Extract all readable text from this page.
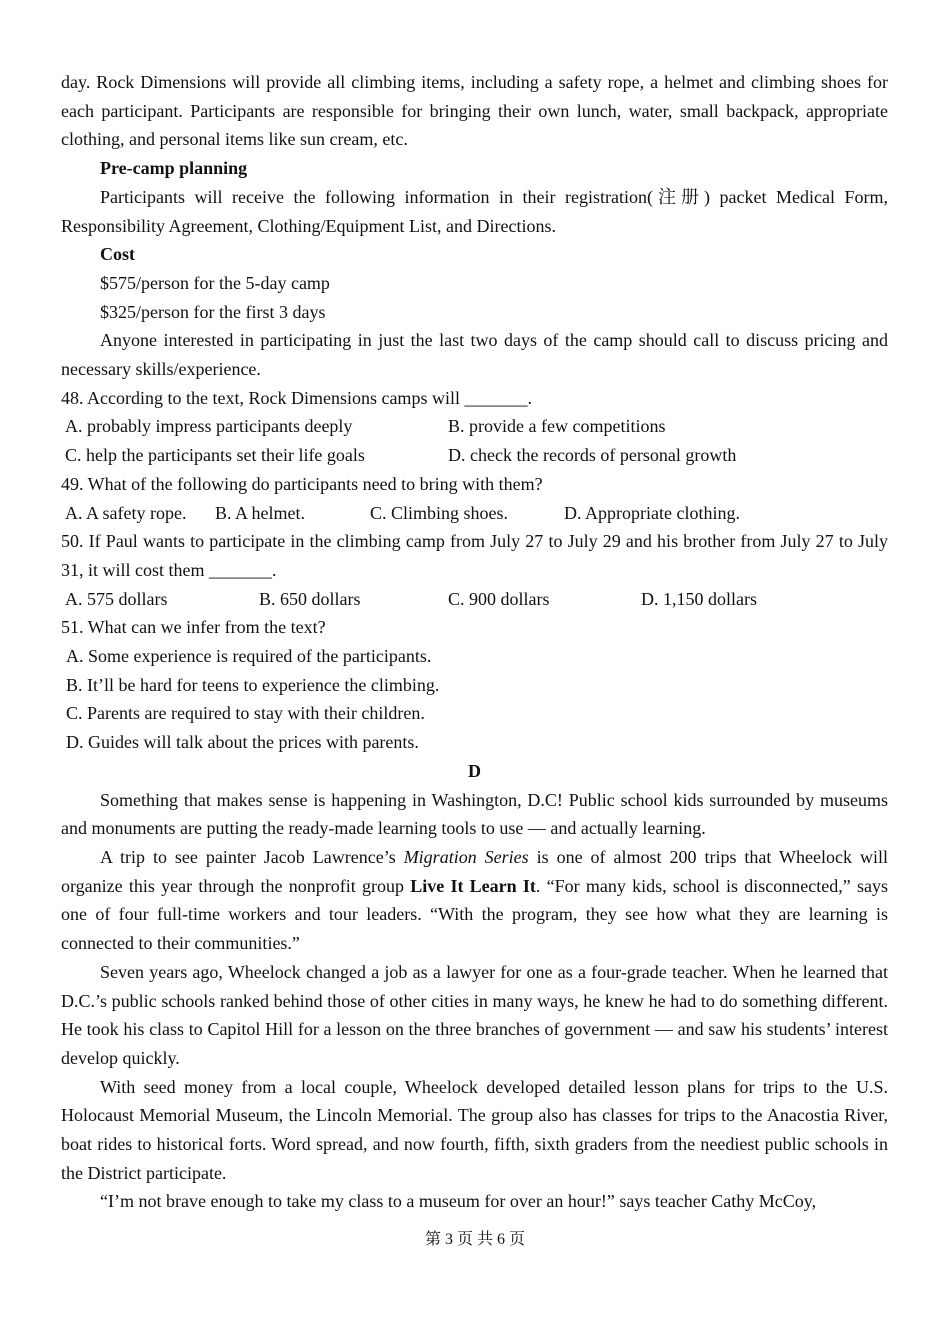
day. Rock Dimensions will provide all climbing items, including a safety rope, a helmet and climbing shoes for each participant. Participants are responsible for bringing their own lunch, water, small backpack, appropriate clothing, and personal items like sun cream, etc.

Pre-camp planning

Participants will receive the following information in their registration(注册) packet Medical Form, Responsibility Agreement, Clothing/Equipment List, and Directions.

Cost

$575/person for the 5-day camp

$325/person for the first 3 days

Anyone interested in participating in just the last two days of the camp should call to discuss pricing and necessary skills/experience.

48. According to the text, Rock Dimensions camps will _______.

A. probably impress participants deeply	B. provide a few competitions
C. help the participants set their life goals	D. check the records of personal growth

49. What of the following do participants need to bring with them?

A. A safety rope.	B. A helmet.	C. Climbing shoes.	D. Appropriate clothing.

50. If Paul wants to participate in the climbing camp from July 27 to July 29 and his brother from July 27 to July 31, it will cost them _______.

A. 575 dollars	B. 650 dollars	C. 900 dollars	D. 1,150 dollars

51. What can we infer from the text?

A. Some experience is required of the participants.

B. It’ll be hard for teens to experience the climbing.

C. Parents are required to stay with their children.

D. Guides will talk about the prices with parents.

D

Something that makes sense is happening in Washington, D.C! Public school kids surrounded by museums and monuments are putting the ready-made learning tools to use — and actually learning.

A trip to see painter Jacob Lawrence’s Migration Series is one of almost 200 trips that Wheelock will organize this year through the nonprofit group Live It Learn It. “For many kids, school is disconnected,” says one of four full-time workers and tour leaders. “With the program, they see how what they are learning is connected to their communities.”

Seven years ago, Wheelock changed a job as a lawyer for one as a four-grade teacher. When he learned that D.C.’s public schools ranked behind those of other cities in many ways, he knew he had to do something different. He took his class to Capitol Hill for a lesson on the three branches of government — and saw his students’ interest develop quickly.

With seed money from a local couple, Wheelock developed detailed lesson plans for trips to the U.S. Holocaust Memorial Museum, the Lincoln Memorial. The group also has classes for trips to the Anacostia River, boat rides to historical forts. Word spread, and now fourth, fifth, sixth graders from the neediest public schools in the District participate.

“I’m not brave enough to take my class to a museum for over an hour!” says teacher Cathy McCoy,

第 3 页 共 6 页
